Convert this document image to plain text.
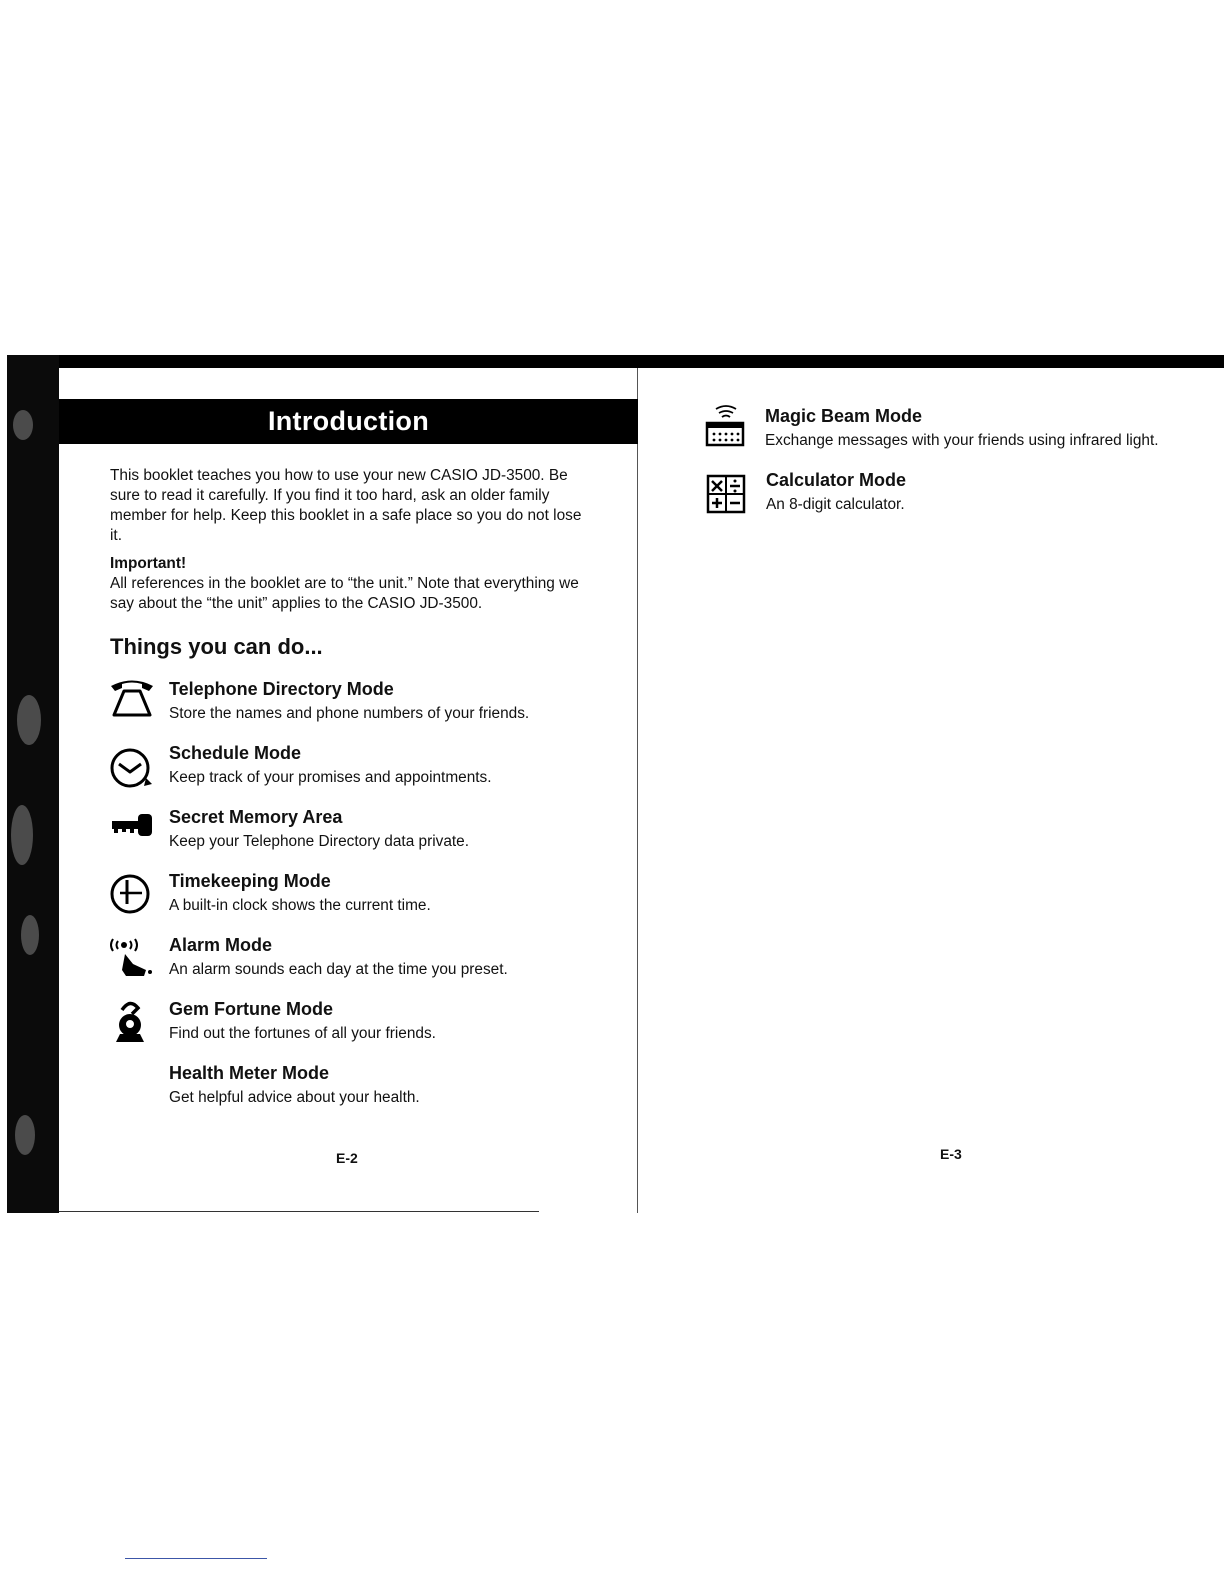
Introduction

This booklet teaches you how to use your new CASIO JD-3500. Be sure to read it carefully. If you find it too hard, ask an older family member for help. Keep this booklet in a safe place so you do not lose it.

Important!

All references in the booklet are to “the unit.” Note that everything we say about the “the unit” applies to the CASIO JD-3500.

Things you can do...
Telephone Directory Mode
Store the names and phone numbers of your friends.
Schedule Mode
Keep track of your promises and appointments.
Secret Memory Area
Keep your Telephone Directory data private.
Timekeeping Mode
A built-in clock shows the current time.
Alarm Mode
An alarm sounds each day at the time you preset.
Gem Fortune Mode
Find out the fortunes of all your friends.
Health Meter Mode
Get helpful advice about your health.
E-2
Magic Beam Mode
Exchange messages with your friends using infrared light.
Calculator Mode
An 8-digit calculator.
E-3
